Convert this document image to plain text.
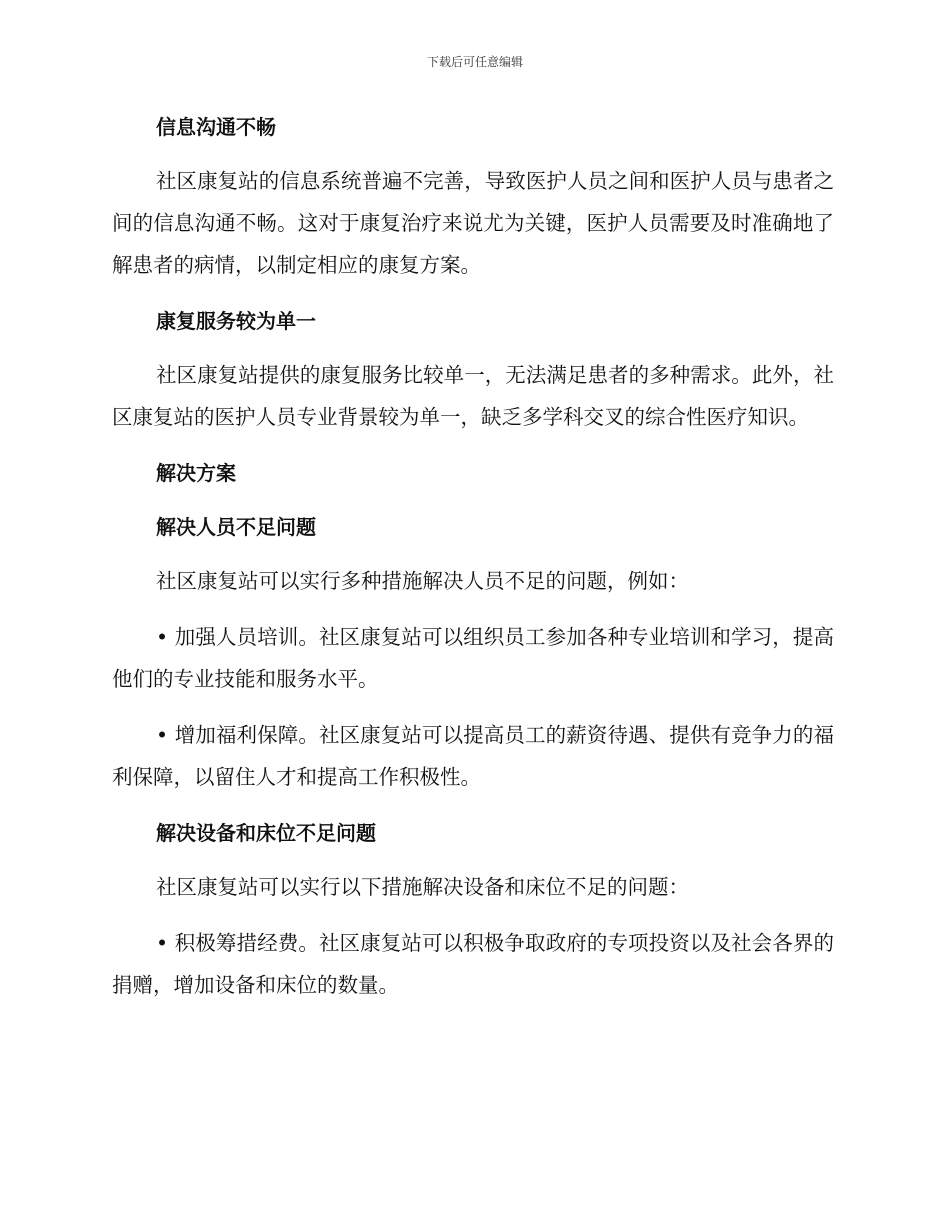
下载后可任意编辑
信息沟通不畅

社区康复站的信息系统普遍不完善，导致医护人员之间和医护人员与患者之间的信息沟通不畅。这对于康复治疗来说尤为关键，医护人员需要及时准确地了解患者的病情，以制定相应的康复方案。

康复服务较为单一

社区康复站提供的康复服务比较单一，无法满足患者的多种需求。此外，社区康复站的医护人员专业背景较为单一，缺乏多学科交叉的综合性医疗知识。

解决方案
解决人员不足问题

社区康复站可以实行多种措施解决人员不足的问题，例如：

• 加强人员培训。社区康复站可以组织员工参加各种专业培训和学习，提高他们的专业技能和服务水平。

• 增加福利保障。社区康复站可以提高员工的薪资待遇、提供有竞争力的福利保障，以留住人才和提高工作积极性。

解决设备和床位不足问题

社区康复站可以实行以下措施解决设备和床位不足的问题：

• 积极筹措经费。社区康复站可以积极争取政府的专项投资以及社会各界的捐赠，增加设备和床位的数量。
